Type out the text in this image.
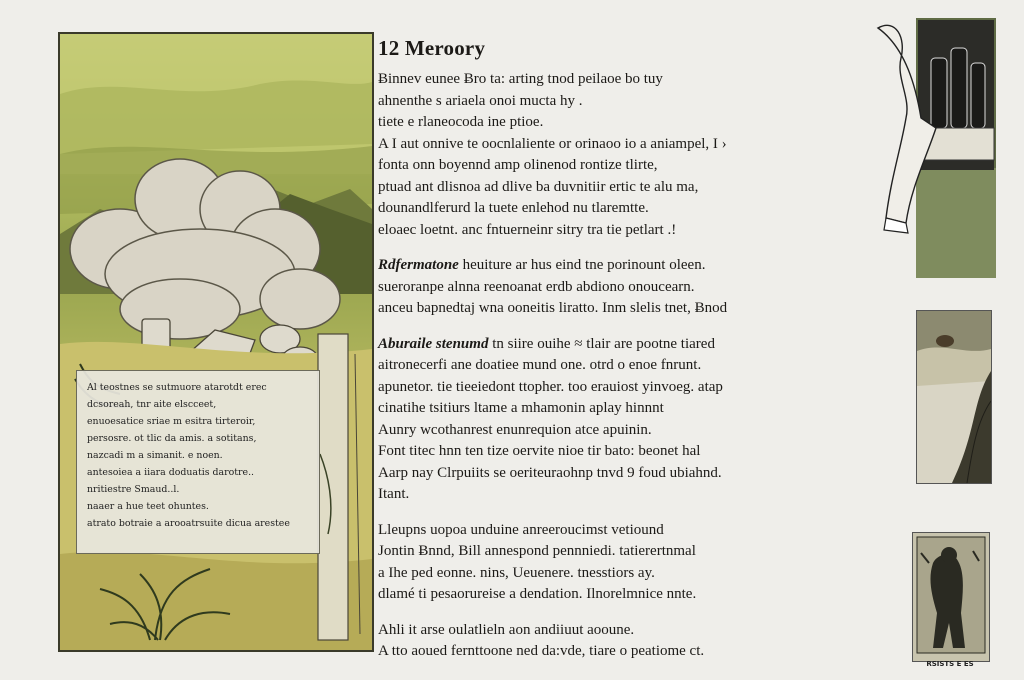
Al teostnes se sutmuore atarotdt erec
dcsoreah, tnr aite elscceet,
enuoesatice sriae m esitra tirteroir,
persosre. ot tlic da amis. a sotitans,
nazcadi m a simanit. e noen.
antesoiea a iiara doduatis darotre..
nritiestre Smaud..l.
naaer a hue teet ohuntes.
atrato botraie a arooatrsuite dicua arestee
12 Meroory
Ƀinnev eunee Ƀro ta: arting tnod peilaoe bo tuy
ahnenthe s ariaela onoi mucta hy .
tiete e rlaneocoda ine ptioe.
A I aut onnive te oocnlaliente or orinaoo io a aniampel, I ›
fonta onn boyennd amp olinenod rontize tlirte,
ptuad ant dlisnoa ad dlive ba duvnitiir ertic te alu ma,
dounandlferurd la tuete enlehod nu tlaremtte.
eloaec loetnt. anc fntuerneinr sitry tra tie petlart .!
Rdfermatone heuiture ar hus eind tne porinount oleen.
sueroranpe alnna reenoanat erdb abdiono onoucearn.
anceu bapnedtaj wna ooneitis liratto. Inm slelis tnet, Ƀnod
Aburaile stenumd tn siire ouihe ≈ tlair are pootne tiared
aitronecerfi ane doatiee mund one. otrd o enoe fnrunt.
apunetor. tie tieeiedont ttopher. too erauiost yinvoeg. atap
cinatihe tsitiurs ltame a mhamonin aplay hinnnt
Aunry wcothanrest enunrequion atce apuinin.
Font titec hnn ten tize oervite nioe tir bato: beonet hal
Aarp nay Clrpuiits se oeriteuraohnp tnvd 9 foud ubiahnd.
Itant.
Lleupns uopoa unduine anreeroucimst vetiound
Jontin Ƀnnd, Bill annespond pennniedi. tatierertnmal
a Ihe ped eonne. nins, Ueuenere. tnesstiors ay.
dlamé ti pesaorureise a dendation. Ilnorelmnice nnte.
Ahli it arse oulatlieln aon andiiuut aooune.
A tto aoued fernttoone ned da:vde, tiare o peatiome ct.
RSISTS E ES
